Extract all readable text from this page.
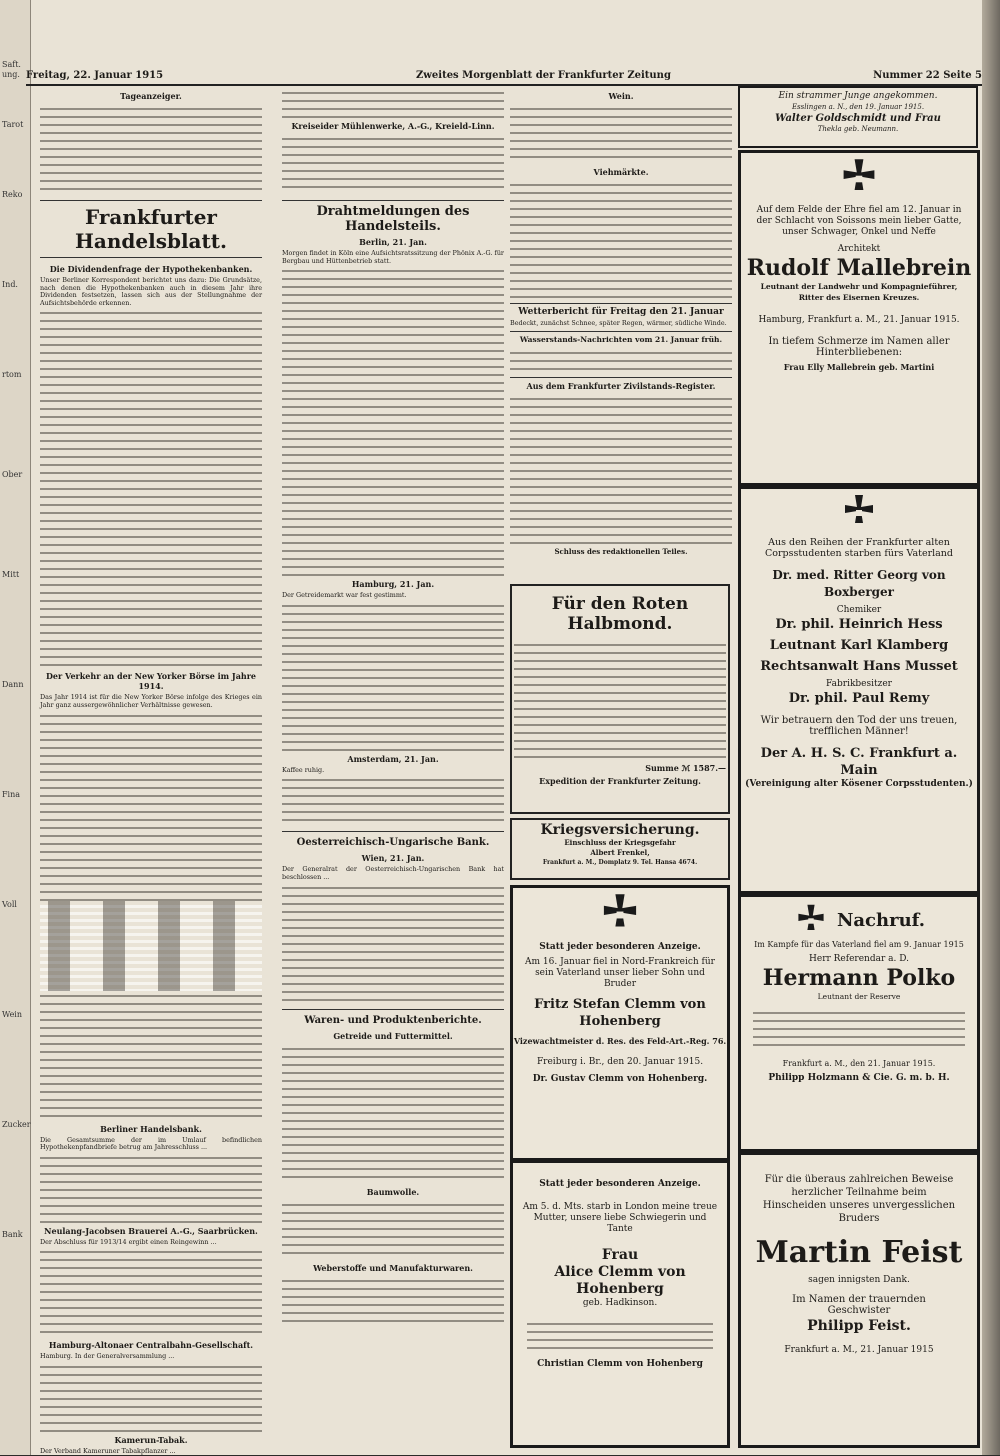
Saft.
ung.
Tarot
Reko
Ind.
rtom
Ober
Mitt
Dann
Fina
Voll
Wein
Zucker
Bank
Freitag, 22. Januar 1915	Zweites Morgenblatt der Frankfurter Zeitung	Nummer 22 Seite 5
Tageanzeiger.
Frankfurter Handelsblatt.
Die Dividendenfrage der Hypothekenbanken.

Unser Berliner Korrespondent berichtet uns dazu: Die Grundsätze, nach denen die Hypothekenbanken auch in diesem Jahr ihre Dividenden festsetzen, lassen sich aus der Stellungnahme der Aufsichtsbehörde erkennen.

Der Verkehr an der New Yorker Börse im Jahre 1914.

Das Jahr 1914 ist für die New Yorker Börse infolge des Krieges ein Jahr ganz aussergewöhnlicher Verhältnisse gewesen.

Berliner Handelsbank.

Die Gesamtsumme der im Umlauf befindlichen Hypothekenpfandbriefe betrug am Jahresschluss ...

Neulang-Jacobsen Brauerei A.-G., Saarbrücken.

Der Abschluss für 1913/14 ergibt einen Reingewinn ...

Hamburg-Altonaer Centralbahn-Gesellschaft.

Hamburg. In der Generalversammlung ...

Kamerun-Tabak.

Der Verband Kameruner Tabakpflanzer ...

Kreiseider Mühlenwerke, A.-G., Kreield-Linn.
Drahtmeldungen des Handelsteils.
Berlin, 21. Jan.

Morgen findet in Köln eine Aufsichtsratssitzung der Phönix A.-G. für Bergbau und Hüttenbetrieb statt.

Hamburg, 21. Jan.

Der Getreidemarkt war fest gestimmt.

Amsterdam, 21. Jan.

Kaffee ruhig.

Oesterreichisch-Ungarische Bank.
Wien, 21. Jan.

Der Generalrat der Oesterreichisch-Ungarischen Bank hat beschlossen ...

Waren- und Produktenberichte.
Getreide und Futtermittel.
Baumwolle.
Weberstoffe und Manufakturwaren.
Wein.
Viehmärkte.
Wetterbericht für Freitag den 21. Januar

Bedeckt, zunächst Schnee, später Regen, wärmer, südliche Winde.

Wasserstands-Nachrichten vom 21. Januar früh.
Aus dem Frankfurter Zivilstands-Register.
Schluss des redaktionellen Teiles.
Für den Roten Halbmond.
Summe ℳ 1587.—
Expedition der Frankfurter Zeitung.
Kriegsversicherung.
Einschluss der Kriegsgefahr
Albert Frenkel,
Frankfurt a. M., Domplatz 9. Tel. Hansa 4674.
Statt jeder besonderen Anzeige.
Am 16. Januar fiel in Nord-Frankreich für sein Vaterland unser lieber Sohn und Bruder
Fritz Stefan Clemm von Hohenberg
Vizewachtmeister d. Res. des Feld-Art.-Reg. 76.
Freiburg i. Br., den 20. Januar 1915.
Dr. Gustav Clemm von Hohenberg.
Statt jeder besonderen Anzeige.
Am 5. d. Mts. starb in London meine treue Mutter, unsere liebe Schwiegerin und Tante
Frau
Alice Clemm von Hohenberg
geb. Hadkinson.
Christian Clemm von Hohenberg
Ein strammer Junge angekommen.
Esslingen a. N., den 19. Januar 1915.
Walter Goldschmidt und Frau
Thekla geb. Neumann.
Auf dem Felde der Ehre fiel am 12. Januar in der Schlacht von Soissons mein lieber Gatte, unser Schwager, Onkel und Neffe
Architekt
Rudolf Mallebrein
Leutnant der Landwehr und Kompagnieführer, Ritter des Eisernen Kreuzes.
Hamburg, Frankfurt a. M., 21. Januar 1915.
In tiefem Schmerze im Namen aller Hinterbliebenen:
Frau Elly Mallebrein geb. Martini
Aus den Reihen der Frankfurter alten Corpsstudenten starben fürs Vaterland
Dr. med. Ritter Georg von Boxberger
Chemiker
Dr. phil. Heinrich Hess
Leutnant Karl Klamberg
Rechtsanwalt Hans Musset
Fabrikbesitzer
Dr. phil. Paul Remy
Wir betrauern den Tod der uns treuen, trefflichen Männer!
Der A. H. S. C. Frankfurt a. Main
(Vereinigung alter Kösener Corpsstudenten.)
Nachruf.
Im Kampfe für das Vaterland fiel am 9. Januar 1915
Herr Referendar a. D.
Hermann Polko
Leutnant der Reserve
Frankfurt a. M., den 21. Januar 1915.
Philipp Holzmann & Cie. G. m. b. H.
Für die überaus zahlreichen Beweise herzlicher Teilnahme beim Hinscheiden unseres unvergesslichen Bruders
Martin Feist
sagen innigsten Dank.
Im Namen der trauernden Geschwister
Philipp Feist.
Frankfurt a. M., 21. Januar 1915
